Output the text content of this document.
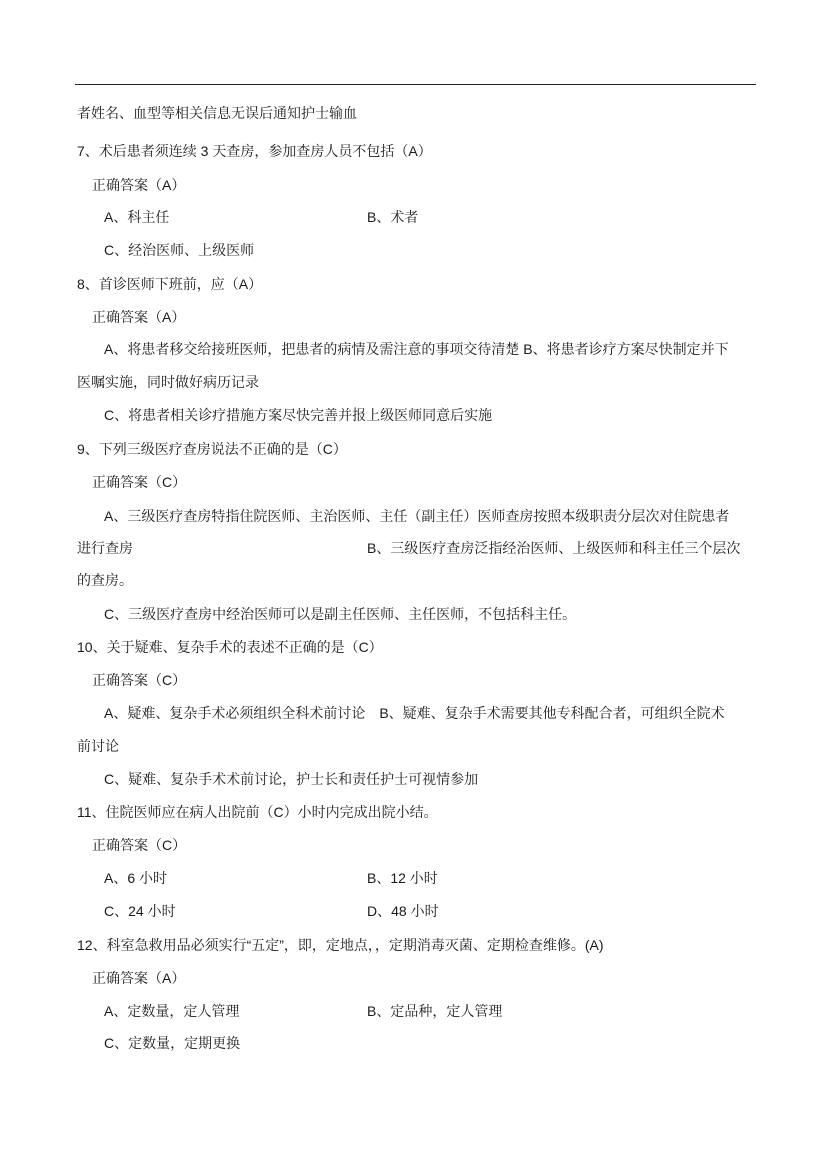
者姓名、血型等相关信息无误后通知护士输血
7、术后患者须连续 3 天查房，参加查房人员不包括（A）
正确答案（A）
A、科主任	B、术者
C、经治医师、上级医师
8、首诊医师下班前，应（A）
正确答案（A）
A、将患者移交给接班医师，把患者的病情及需注意的事项交待清楚 B、将患者诊疗方案尽快制定并下
医嘱实施，同时做好病历记录
C、将患者相关诊疗措施方案尽快完善并报上级医师同意后实施
9、下列三级医疗查房说法不正确的是（C）
正确答案（C）
A、三级医疗查房特指住院医师、主治医师、主任（副主任）医师查房按照本级职责分层次对住院患者
进行查房	B、三级医疗查房泛指经治医师、上级医师和科主任三个层次
的查房。
C、三级医疗查房中经治医师可以是副主任医师、主任医师，不包括科主任。
10、关于疑难、复杂手术的表述不正确的是（C）
正确答案（C）
A、疑难、复杂手术必须组织全科术前讨论　B、疑难、复杂手术需要其他专科配合者，可组织全院术
前讨论
C、疑难、复杂手术术前讨论，护士长和责任护士可视情参加
11、住院医师应在病人出院前（C）小时内完成出院小结。
正确答案（C）
A、6 小时	B、12 小时
C、24 小时	D、48 小时
12、科室急救用品必须实行“五定”，即，定地点，，定期消毒灭菌、定期检查维修。(A)
正确答案（A）
A、定数量，定人管理	B、定品种，定人管理
C、定数量，定期更换
